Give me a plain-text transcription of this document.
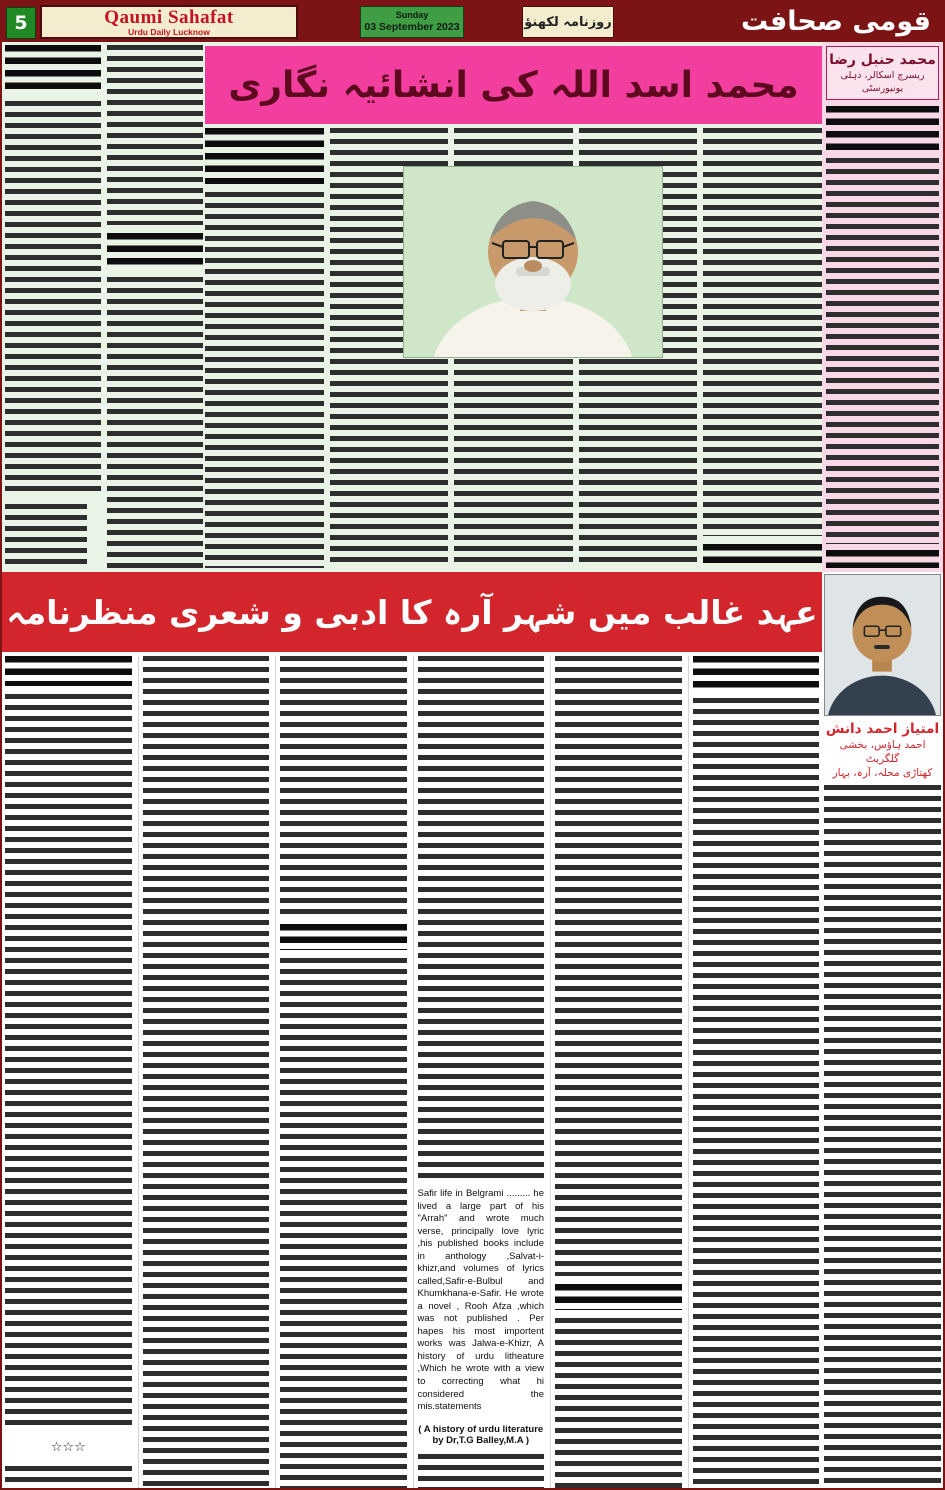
5	Qaumi Sahafat
Urdu Daily Lucknow
Sunday
03 September 2023	روزنامہ لکھنؤ	قومی صحافت
محمد اسد اللہ کی انشائیہ نگاری
محمد حنبل رضا
ریسرچ اسکالر، دہلی یونیورسٹی
عہد غالب میں شہر آرہ کا ادبی و شعری منظرنامہ
امتیاز احمد دانش
احمد ہاؤس، بخشی گلگریٹ
کھتاڑی محلہ، آرہ، بہار
☆☆☆
Safir life in Belgrami ......... he lived a large part of his "Arrah" and wrote much verse, principally love lyric ,his published books include in anthology ,Salvat-i-khizr,and volumes of lyrics called,Safir-e-Bulbul and Khumkhana-e-Safir. He wrote a novel , Rooh Afza ,which was not published . Per hapes his most importent works was Jalwa-e-Khizr, A history of urdu litheature ,Which he wrote with a view to correcting what hi considered the mis.statements
( A history of urdu literature by Dr,T.G Balley,M.A )
